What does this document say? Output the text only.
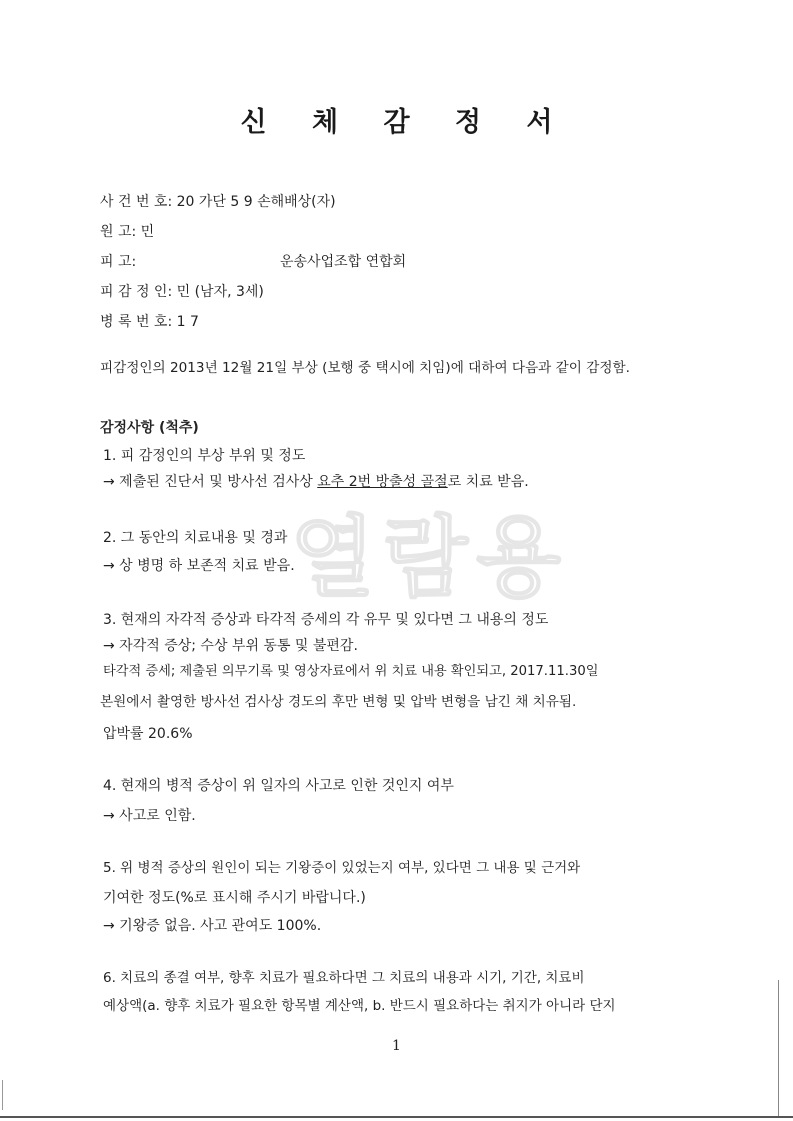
신 체 감 정 서
사 건 번 호: 20 가단 5 9 손해배상(자)
원 고: 민
피 고:	운송사업조합 연합회
피 감 정 인: 민 (남자, 3세)
병 록 번 호: 1 7
피감정인의 2013년 12월 21일 부상 (보행 중 택시에 치임)에 대하여 다음과 같이 감정함.
감정사항 (척추)
1. 피 감정인의 부상 부위 및 정도
→ 제출된 진단서 및 방사선 검사상 요추 2번 방출성 골절로 치료 받음.
열람용
2. 그 동안의 치료내용 및 경과
→ 상 병명 하 보존적 치료 받음.
3. 현재의 자각적 증상과 타각적 증세의 각 유무 및 있다면 그 내용의 정도
→ 자각적 증상; 수상 부위 동통 및 불편감.
타각적 증세; 제출된 의무기록 및 영상자료에서 위 치료 내용 확인되고, 2017.11.30일
본원에서 촬영한 방사선 검사상 경도의 후만 변형 및 압박 변형을 남긴 채 치유됨.
압박률 20.6%
4. 현재의 병적 증상이 위 일자의 사고로 인한 것인지 여부
→ 사고로 인함.
5. 위 병적 증상의 원인이 되는 기왕증이 있었는지 여부, 있다면 그 내용 및 근거와
기여한 정도(%로 표시해 주시기 바랍니다.)
→ 기왕증 없음. 사고 관여도 100%.
6. 치료의 종결 여부, 향후 치료가 필요하다면 그 치료의 내용과 시기, 기간, 치료비
예상액(a. 향후 치료가 필요한 항목별 계산액, b. 반드시 필요하다는 취지가 아니라 단지
1
